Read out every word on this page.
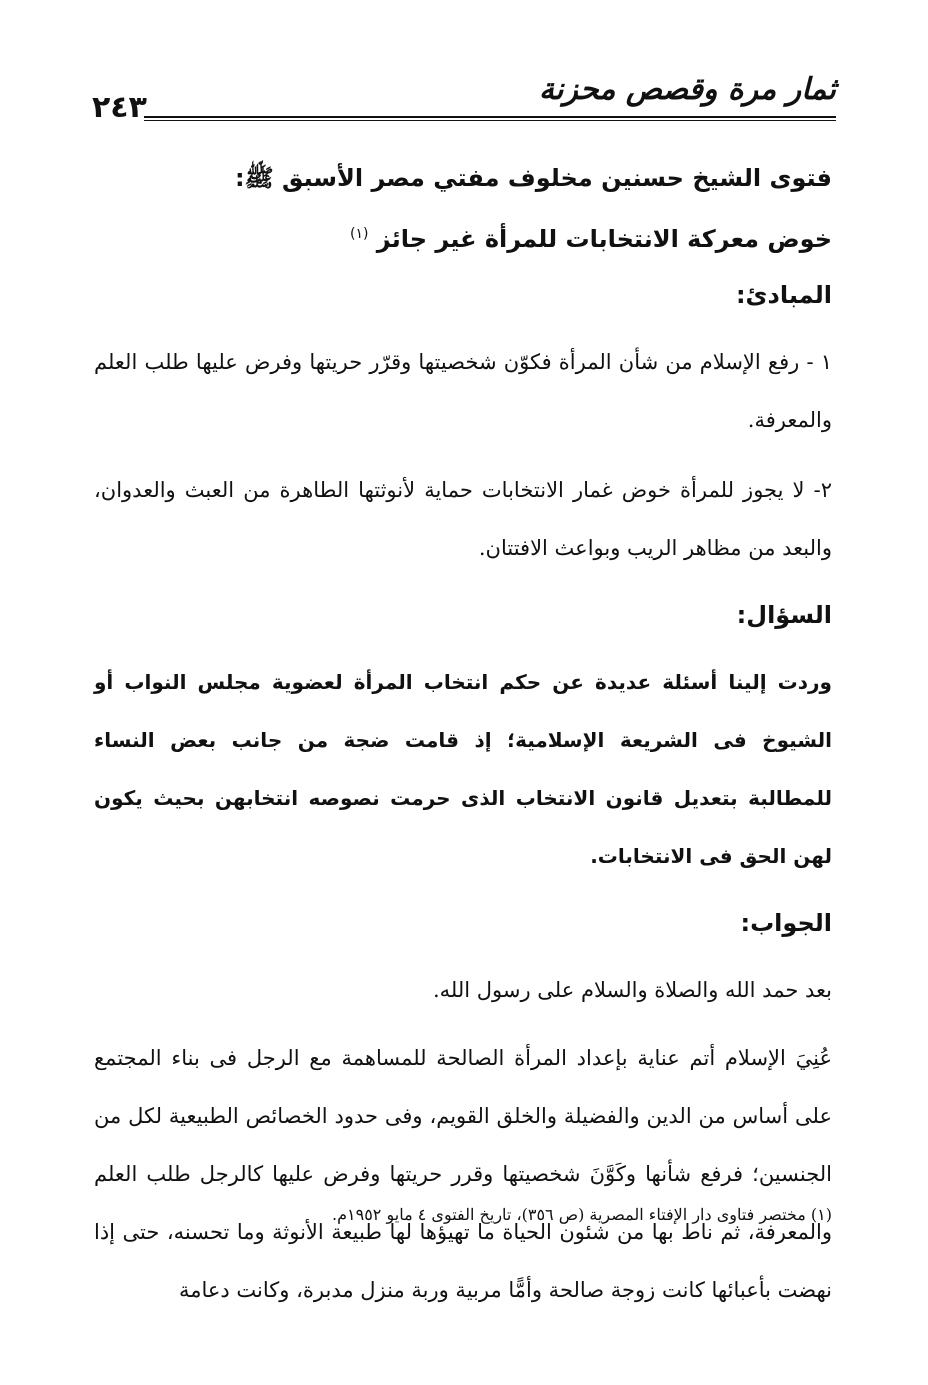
٢٤٣
ثمار مرة وقصص محزنة

فتوى الشيخ حسنين مخلوف مفتي مصر الأسبق ﷺ:

خوض معركة الانتخابات للمرأة غير جائز $^{(١)}$

المبادئ:

١ - رفع الإسلام من شأن المرأة فكوّن شخصيتها وقرّر حريتها وفرض عليها طلب العلم والمعرفة.

٢- لا يجوز للمرأة خوض غمار الانتخابات حماية لأنوثتها الطاهرة من العبث والعدوان، والبعد من مظاهر الريب وبواعث الافتتان.

السؤال:

وردت إلينا أسئلة عديدة عن حكم انتخاب المرأة لعضوية مجلس النواب أو الشيوخ فى الشريعة الإسلامية؛ إذ قامت ضجة من جانب بعض النساء للمطالبة بتعديل قانون الانتخاب الذى حرمت نصوصه انتخابهن بحيث يكون لهن الحق فى الانتخابات.

الجواب:

بعد حمد الله والصلاة والسلام على رسول الله.

عُنِيَ الإسلام أتم عناية بإعداد المرأة الصالحة للمساهمة مع الرجل فى بناء المجتمع على أساس من الدين والفضيلة والخلق القويم، وفى حدود الخصائص الطبيعية لكل من الجنسين؛ فرفع شأنها وكَوَّنَ شخصيتها وقرر حريتها وفرض عليها كالرجل طلب العلم والمعرفة، ثم ناط بها من شئون الحياة ما تهيؤها لها طبيعة الأنوثة وما تحسنه، حتى إذا نهضت بأعبائها كانت زوجة صالحة وأمًّا مربية وربة منزل مدبرة، وكانت دعامة

(١) مختصر فتاوى دار الإفتاء المصرية (ص ٣٥٦)، تاريخ الفتوى ٤ مايو ١٩٥٢م.
